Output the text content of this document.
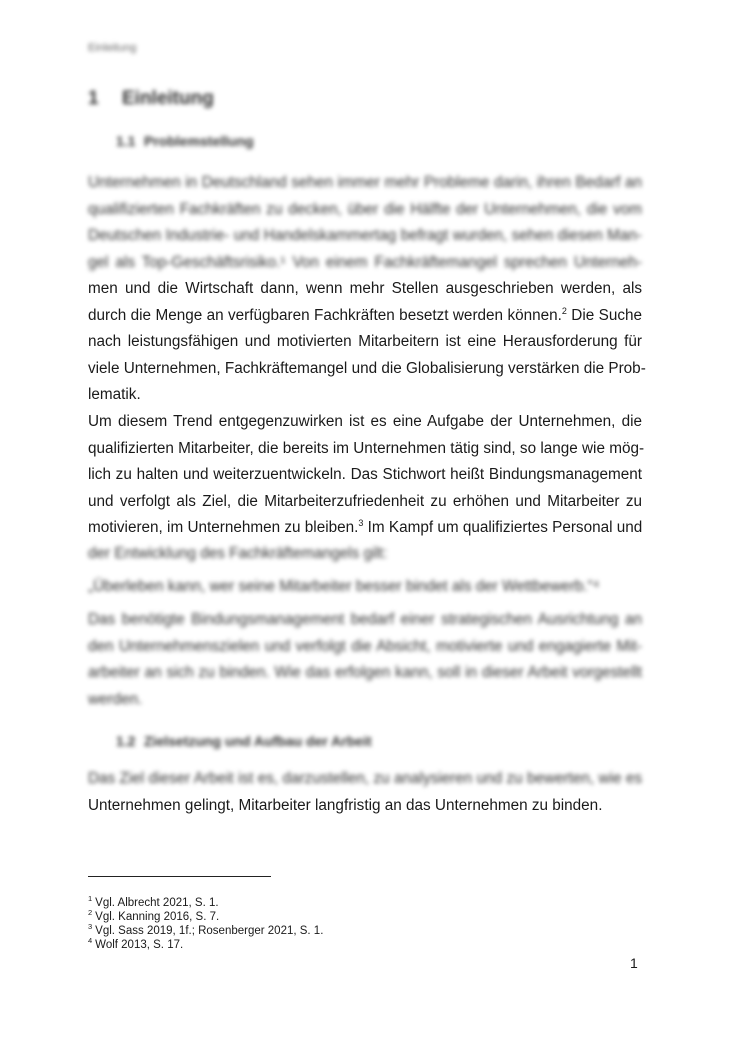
Einleitung
1 Einleitung
1.1 Problemstellung
Unternehmen in Deutschland sehen immer mehr Probleme darin, ihren Bedarf an
qualifizierten Fachkräften zu decken, über die Hälfte der Unternehmen, die vom
Deutschen Industrie- und Handelskammertag befragt wurden, sehen diesen Man-
gel als Top-Geschäftsrisiko.¹ Von einem Fachkräftemangel sprechen Unterneh-
men und die Wirtschaft dann, wenn mehr Stellen ausgeschrieben werden, als
durch die Menge an verfügbaren Fachkräften besetzt werden können.$^2$ Die Suche
nach leistungsfähigen und motivierten Mitarbeitern ist eine Herausforderung für
viele Unternehmen, Fachkräftemangel und die Globalisierung verstärken die Prob-
lematik.
Um diesem Trend entgegenzuwirken ist es eine Aufgabe der Unternehmen, die
qualifizierten Mitarbeiter, die bereits im Unternehmen tätig sind, so lange wie mög-
lich zu halten und weiterzuentwickeln. Das Stichwort heißt Bindungsmanagement
und verfolgt als Ziel, die Mitarbeiterzufriedenheit zu erhöhen und Mitarbeiter zu
motivieren, im Unternehmen zu bleiben.$^3$ Im Kampf um qualifiziertes Personal und
der Entwicklung des Fachkräftemangels gilt:
„Überleben kann, wer seine Mitarbeiter besser bindet als der Wettbewerb.“⁴
Das benötigte Bindungsmanagement bedarf einer strategischen Ausrichtung an
den Unternehmenszielen und verfolgt die Absicht, motivierte und engagierte Mit-
arbeiter an sich zu binden. Wie das erfolgen kann, soll in dieser Arbeit vorgestellt
werden.
1.2 Zielsetzung und Aufbau der Arbeit
Das Ziel dieser Arbeit ist es, darzustellen, zu analysieren und zu bewerten, wie es
Unternehmen gelingt, Mitarbeiter langfristig an das Unternehmen zu binden.
$^1$ Vgl. Albrecht 2021, S. 1.
$^2$ Vgl. Kanning 2016, S. 7.
$^3$ Vgl. Sass 2019, 1f.; Rosenberger 2021, S. 1.
$^4$ Wolf 2013, S. 17.
1
